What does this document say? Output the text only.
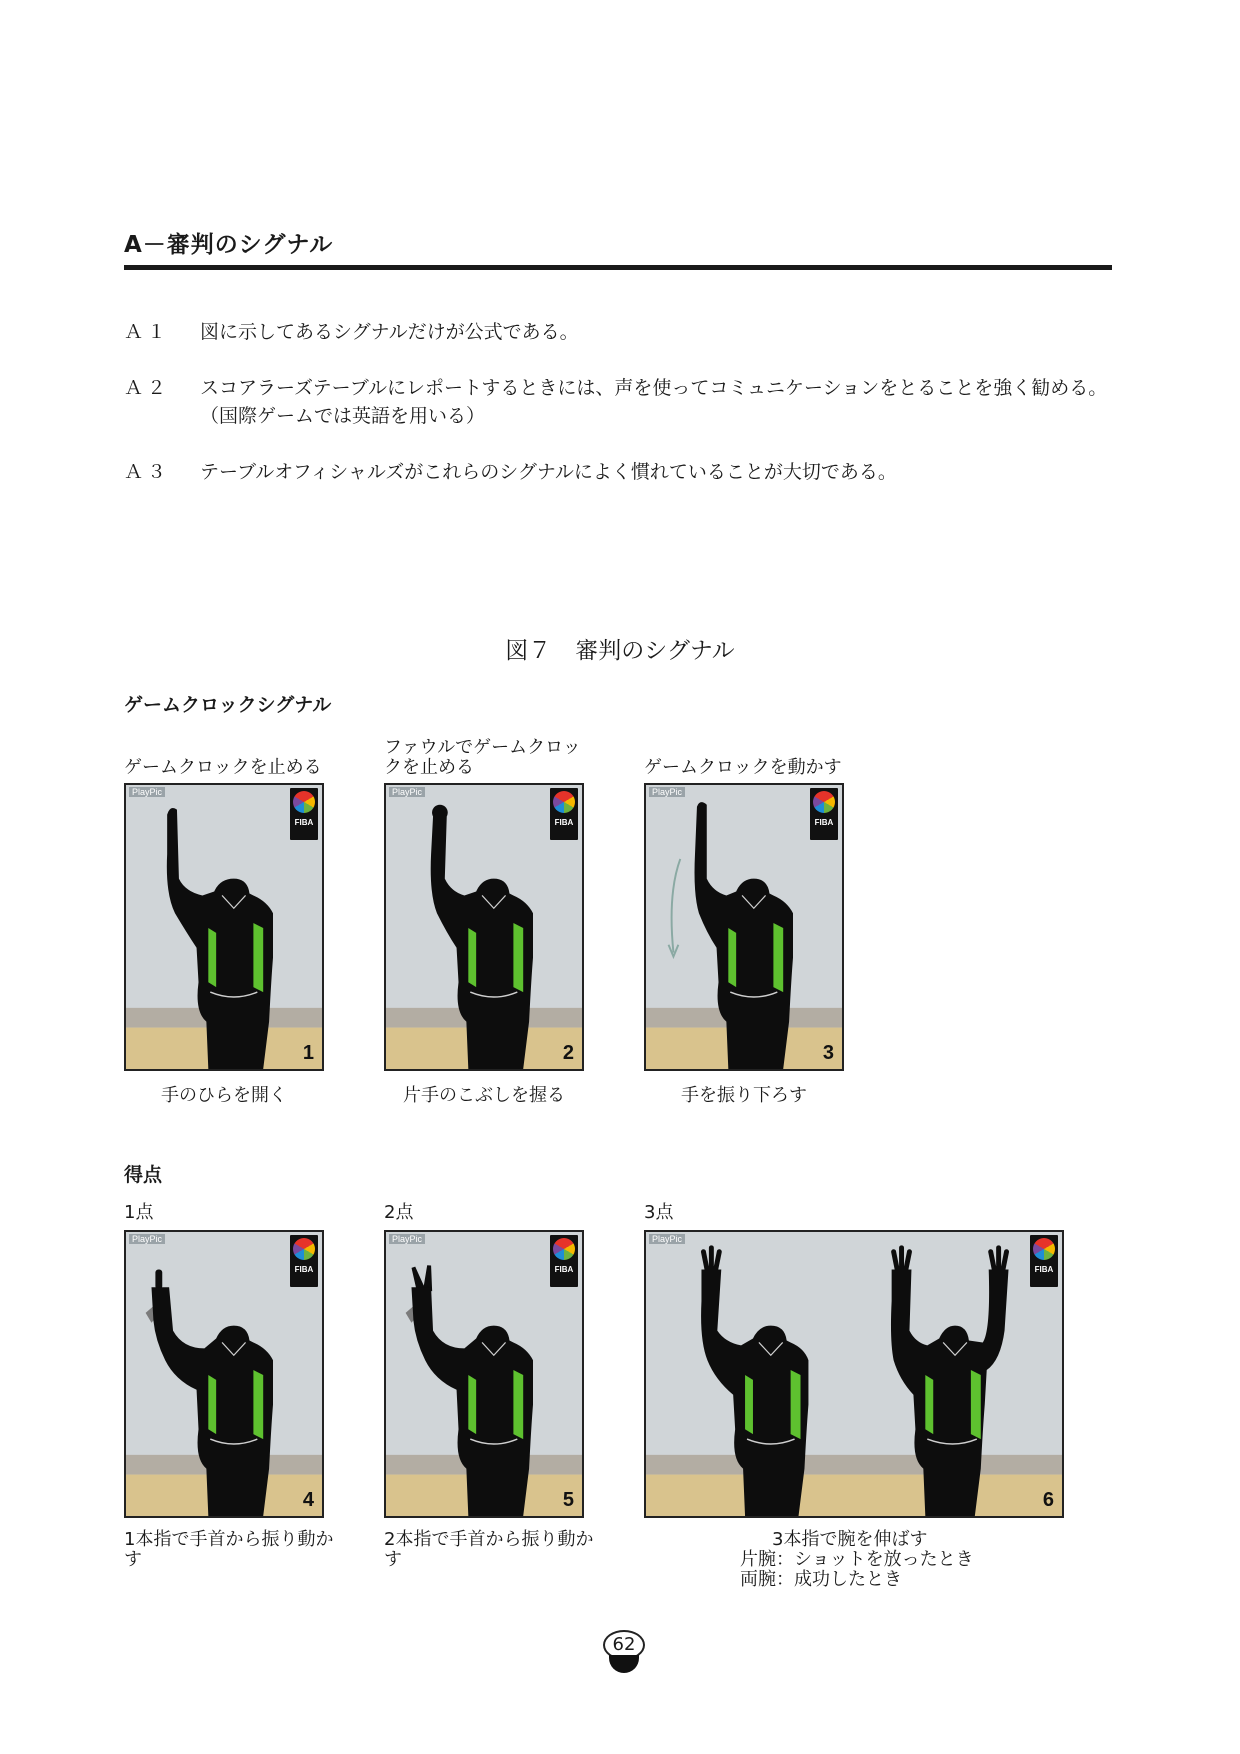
A－審判のシグナル
Ａ１	図に示してあるシグナルだけが公式である。
Ａ２	スコアラーズテーブルにレポートするときには、声を使ってコミュニケーションをとることを強く勧める。（国際ゲームでは英語を用いる）
Ａ３	テーブルオフィシャルズがこれらのシグナルによく慣れていることが大切である。
図７ 審判のシグナル
ゲームクロックシグナル
ゲームクロックを止める
ファウルでゲームクロックを止める	ゲームクロックを動かす
PlayPic
FIBA
1
PlayPic
FIBA
2
PlayPic
FIBA
3
手のひらを開く	片手のこぶしを握る	手を振り下ろす
得点
1点	2点	3点
PlayPic
FIBA
4
PlayPic
FIBA
5
PlayPic
FIBA
6
1本指で手首から振り動かす
2本指で手首から振り動かす
3本指で腕を伸ばす
片腕：ショットを放ったとき
両腕：成功したとき
62
